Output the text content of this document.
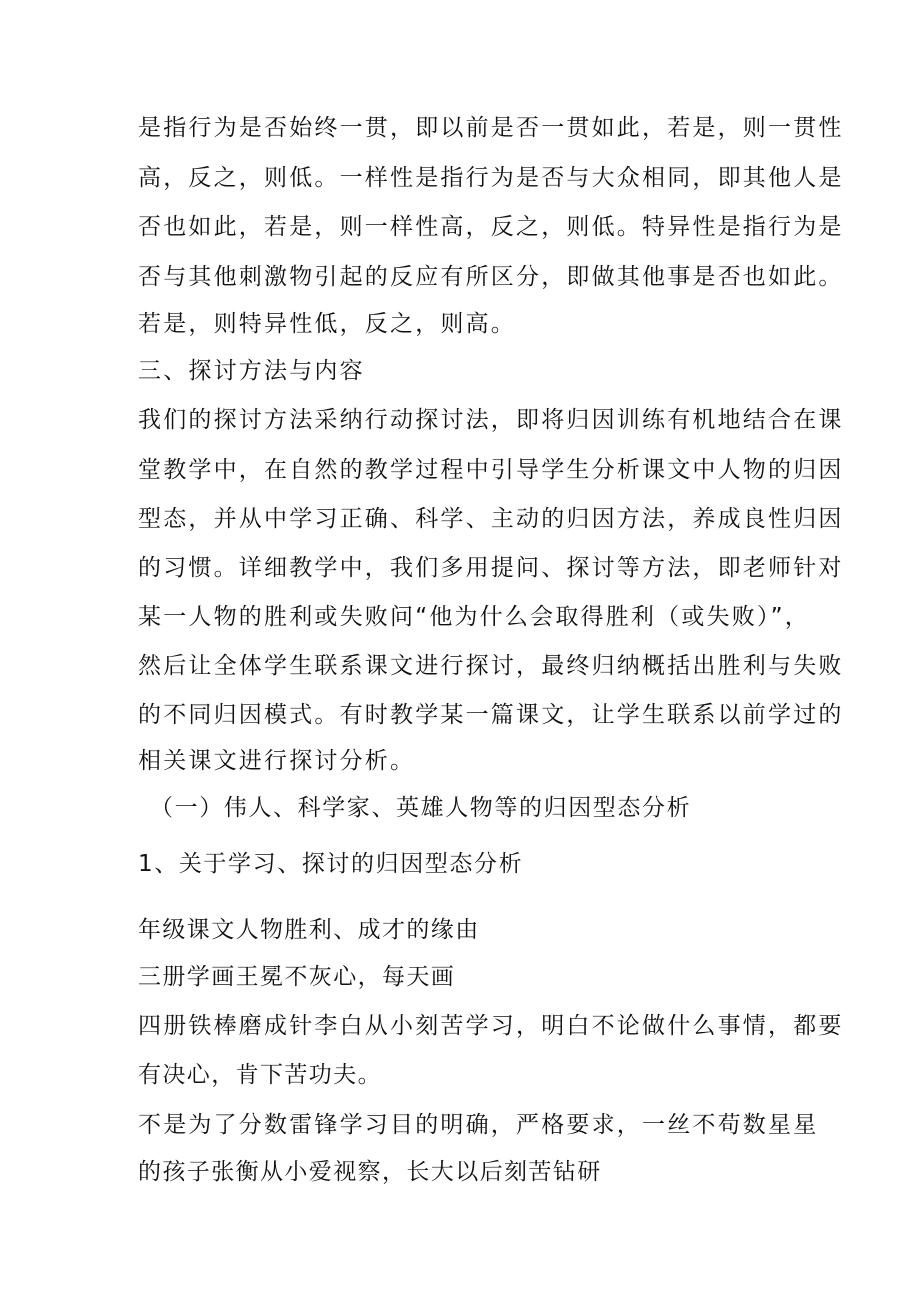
是指行为是否始终一贯，即以前是否一贯如此，若是，则一贯性
高，反之，则低。一样性是指行为是否与大众相同，即其他人是
否也如此，若是，则一样性高，反之，则低。特异性是指行为是
否与其他刺激物引起的反应有所区分，即做其他事是否也如此。
若是，则特异性低，反之，则高。
三、探讨方法与内容
我们的探讨方法采纳行动探讨法，即将归因训练有机地结合在课
堂教学中，在自然的教学过程中引导学生分析课文中人物的归因
型态，并从中学习正确、科学、主动的归因方法，养成良性归因
的习惯。详细教学中，我们多用提问、探讨等方法，即老师针对
某一人物的胜利或失败问“他为什么会取得胜利（或失败）”，
然后让全体学生联系课文进行探讨，最终归纳概括出胜利与失败
的不同归因模式。有时教学某一篇课文，让学生联系以前学过的
相关课文进行探讨分析。
（一）伟人、科学家、英雄人物等的归因型态分析
1、关于学习、探讨的归因型态分析
年级课文人物胜利、成才的缘由
三册学画王冕不灰心，每天画
四册铁棒磨成针李白从小刻苦学习，明白不论做什么事情，都要
有决心，肯下苦功夫。
不是为了分数雷锋学习目的明确，严格要求，一丝不苟数星星
的孩子张衡从小爱视察，长大以后刻苦钻研
